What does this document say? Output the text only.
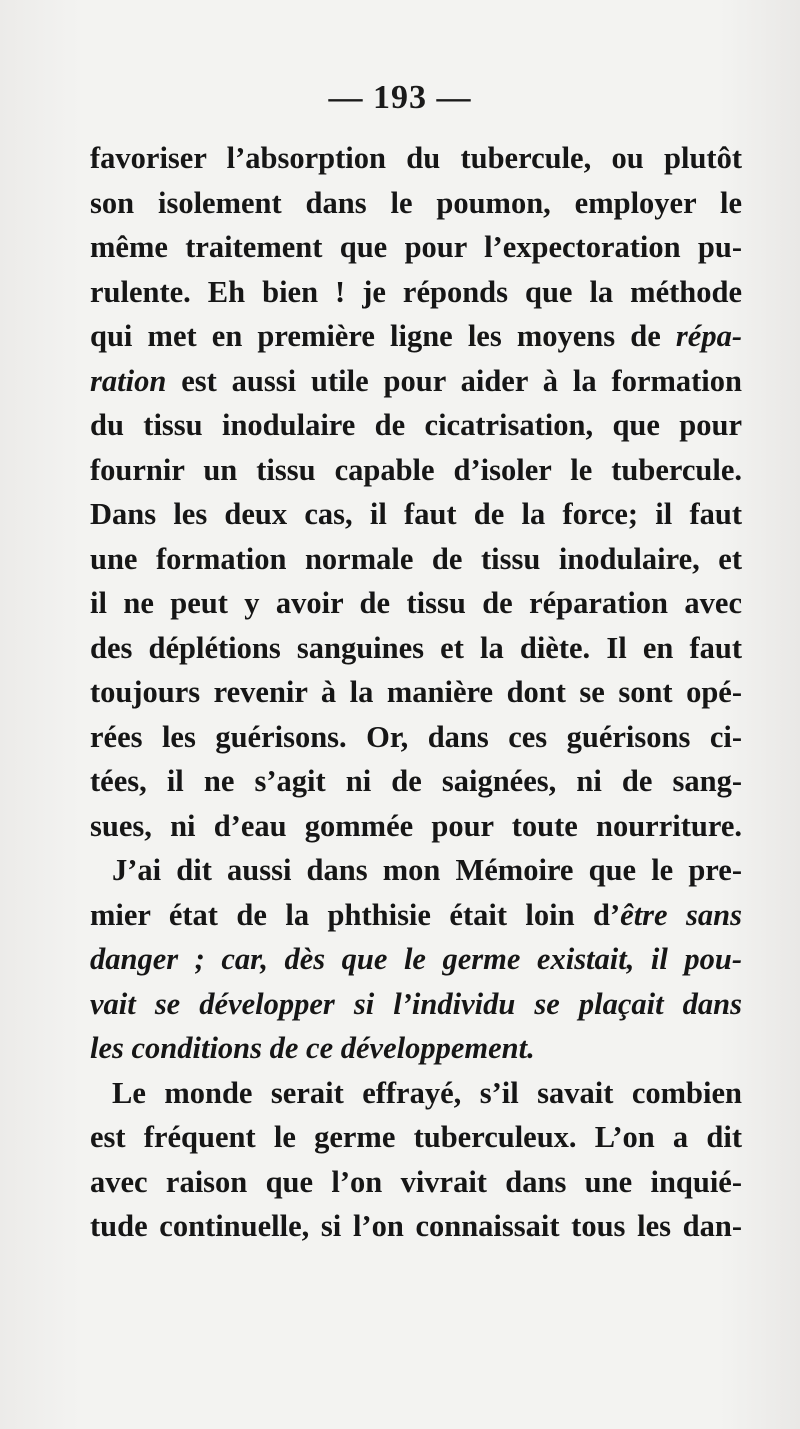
— 193 —
favoriser l’absorption du tubercule, ou plutôt
son isolement dans le poumon, employer le
même traitement que pour l’expectoration pu-
rulente. Eh bien ! je réponds que la méthode
qui met en première ligne les moyens de répa-
ration est aussi utile pour aider à la formation
du tissu inodulaire de cicatrisation, que pour
fournir un tissu capable d’isoler le tubercule.
Dans les deux cas, il faut de la force; il faut
une formation normale de tissu inodulaire, et
il ne peut y avoir de tissu de réparation avec
des déplétions sanguines et la diète. Il en faut
toujours revenir à la manière dont se sont opé-
rées les guérisons. Or, dans ces guérisons ci-
tées, il ne s’agit ni de saignées, ni de sang-
sues, ni d’eau gommée pour toute nourriture.
J’ai dit aussi dans mon Mémoire que le pre-
mier état de la phthisie était loin d’être sans
danger ; car, dès que le germe existait, il pou-
vait se développer si l’individu se plaçait dans
les conditions de ce développement.
Le monde serait effrayé, s’il savait combien
est fréquent le germe tuberculeux. L’on a dit
avec raison que l’on vivrait dans une inquié-
tude continuelle, si l’on connaissait tous les dan-
